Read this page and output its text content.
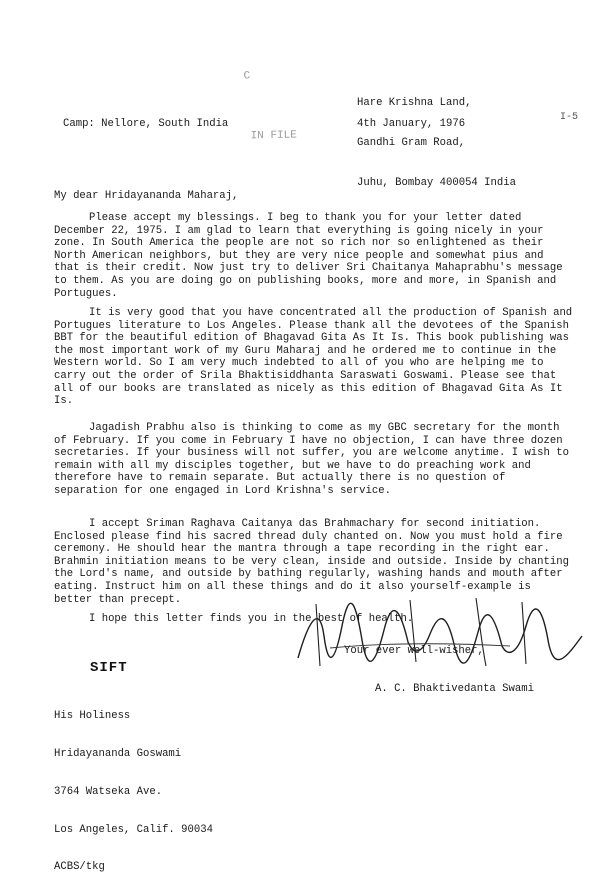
C

IN FILE

Hare Krishna Land,

Gandhi Gram Road,

Juhu, Bombay 400054 India

Camp: Nellore, South India	4th January, 1976
I-5
My dear Hridayananda Maharaj,
Please accept my blessings. I beg to thank you for your letter dated December 22, 1975. I am glad to learn that everything is going nicely in your zone. In South America the people are not so rich nor so enlightened as their North American neighbors, but they are very nice people and somewhat pius and that is their credit. Now just try to deliver Sri Chaitanya Mahaprabhu's message to them. As you are doing go on publishing books, more and more, in Spanish and Portugues.
It is very good that you have concentrated all the production of Spanish and Portugues literature to Los Angeles. Please thank all the devotees of the Spanish BBT for the beautiful edition of Bhagavad Gita As It Is. This book publishing was the most important work of my Guru Maharaj and he ordered me to continue in the Western world. So I am very much indebted to all of you who are helping me to carry out the order of Srila Bhaktisiddhanta Saraswati Goswami. Please see that all of our books are translated as nicely as this edition of Bhagavad Gita As It Is.
Jagadish Prabhu also is thinking to come as my GBC secretary for the month of February. If you come in February I have no objection, I can have three dozen secretaries. If your business will not suffer, you are welcome anytime. I wish to remain with all my disciples together, but we have to do preaching work and therefore have to remain separate. But actually there is no question of separation for one engaged in Lord Krishna's service.
I accept Sriman Raghava Caitanya das Brahmachary for second initiation. Enclosed please find his sacred thread duly chanted on. Now you must hold a fire ceremony. He should hear the mantra through a tape recording in the right ear. Brahmin initiation means to be very clean, inside and outside. Inside by chanting the Lord's name, and outside by bathing regularly, washing hands and mouth after eating. Instruct him on all these things and do it also yourself-example is better than precept.
I hope this letter finds you in the best of health.
Your ever well-wisher,
SIFT
A. C. Bhaktivedanta Swami

His Holiness

Hridayananda Goswami

3764 Watseka Ave.

Los Angeles, Calif. 90034

ACBS/tkg
